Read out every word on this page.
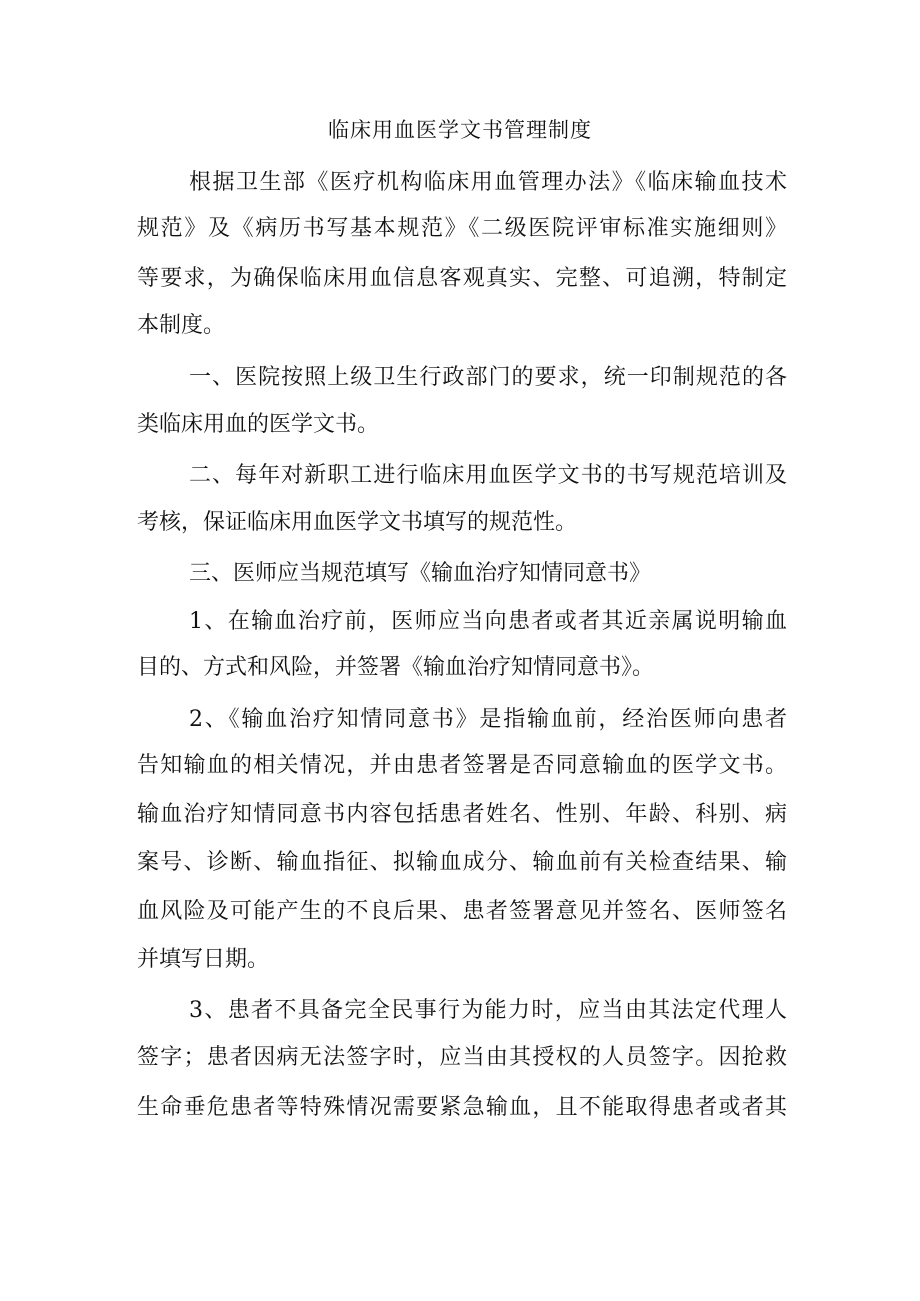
临床用血医学文书管理制度

根据卫生部《医疗机构临床用血管理办法》《临床输血技术

规范》及《病历书写基本规范》《二级医院评审标准实施细则》

等要求，为确保临床用血信息客观真实、完整、可追溯，特制定

本制度。

一、医院按照上级卫生行政部门的要求，统一印制规范的各

类临床用血的医学文书。

二、每年对新职工进行临床用血医学文书的书写规范培训及

考核，保证临床用血医学文书填写的规范性。

三、医师应当规范填写《输血治疗知情同意书》

1、在输血治疗前，医师应当向患者或者其近亲属说明输血

目的、方式和风险，并签署《输血治疗知情同意书》。

2、《输血治疗知情同意书》是指输血前，经治医师向患者

告知输血的相关情况，并由患者签署是否同意输血的医学文书。

输血治疗知情同意书内容包括患者姓名、性别、年龄、科别、病

案号、诊断、输血指征、拟输血成分、输血前有关检查结果、输

血风险及可能产生的不良后果、患者签署意见并签名、医师签名

并填写日期。

3、患者不具备完全民事行为能力时，应当由其法定代理人

签字；患者因病无法签字时，应当由其授权的人员签字。因抢救

生命垂危患者等特殊情况需要紧急输血，且不能取得患者或者其
